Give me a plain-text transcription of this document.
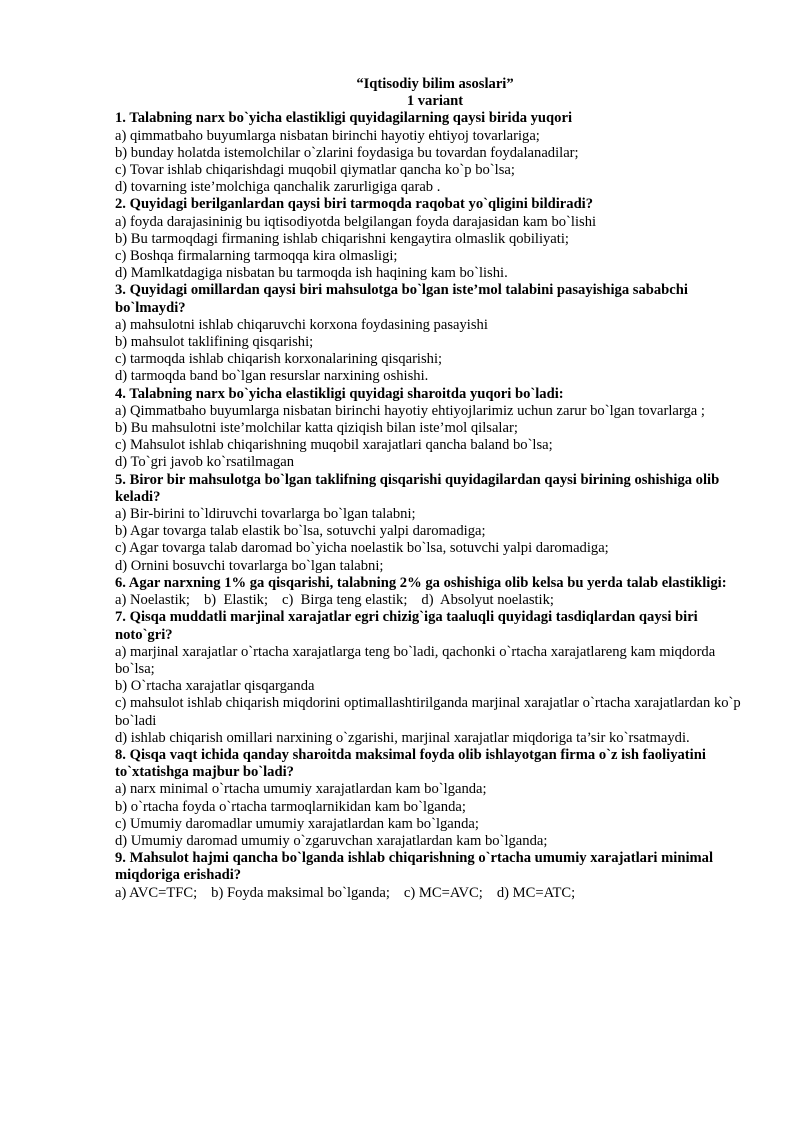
“Iqtisodiy bilim asoslari”

1 variant

1. Talabning narx bo`yicha elastikligi quyidagilarning qaysi birida yuqori

a) qimmatbaho buyumlarga nisbatan birinchi hayotiy ehtiyoj tovarlariga;

b) bunday holatda istemolchilar o`zlarini foydasiga bu tovardan foydalanadilar;

c) Tovar ishlab chiqarishdagi muqobil qiymatlar qancha ko`p bo`lsa;

d) tovarning iste’molchiga qanchalik zarurligiga qarab .

2. Quyidagi berilganlardan qaysi biri tarmoqda raqobat yo`qligini bildiradi?

a) foyda darajasininig bu iqtisodiyotda belgilangan foyda darajasidan kam bo`lishi

b) Bu tarmoqdagi firmaning ishlab chiqarishni kengaytira olmaslik qobiliyati;

c) Boshqa firmalarning tarmoqqa kira olmasligi;

d) Mamlkatdagiga nisbatan bu tarmoqda ish haqining kam bo`lishi.

3. Quyidagi omillardan qaysi biri mahsulotga bo`lgan iste’mol talabini pasayishiga sababchi bo`lmaydi?

a) mahsulotni ishlab chiqaruvchi korxona foydasining pasayishi

b) mahsulot taklifining qisqarishi;

c) tarmoqda ishlab chiqarish korxonalarining qisqarishi;

d) tarmoqda band bo`lgan resurslar narxining oshishi.

4. Talabning narx bo`yicha elastikligi quyidagi sharoitda yuqori bo`ladi:

a) Qimmatbaho buyumlarga nisbatan birinchi hayotiy ehtiyojlarimiz uchun zarur bo`lgan tovarlarga ;

b) Bu mahsulotni iste’molchilar katta qiziqish bilan iste’mol qilsalar;

c) Mahsulot ishlab chiqarishning muqobil xarajatlari qancha baland bo`lsa;

d) To`gri javob ko`rsatilmagan

5. Biror bir mahsulotga bo`lgan taklifning qisqarishi quyidagilardan qaysi birining oshishiga olib keladi?

a) Bir-birini to`ldiruvchi tovarlarga bo`lgan talabni;

b) Agar tovarga talab elastik bo`lsa, sotuvchi yalpi daromadiga;

c) Agar tovarga talab daromad bo`yicha noelastik bo`lsa, sotuvchi yalpi daromadiga;

d) Ornini bosuvchi tovarlarga bo`lgan talabni;

6. Agar narxning 1% ga qisqarishi, talabning 2% ga oshishiga olib kelsa bu yerda talab elastikligi:

a) Noelastik; b)  Elastik; c)  Birga teng elastik; d)  Absolyut noelastik;

7. Qisqa muddatli marjinal xarajatlar egri chizig`iga taaluqli quyidagi tasdiqlardan qaysi biri noto`gri?

a) marjinal xarajatlar o`rtacha xarajatlarga teng bo`ladi, qachonki o`rtacha xarajatlareng kam miqdorda bo`lsa;

b) O`rtacha xarajatlar qisqarganda

c) mahsulot ishlab chiqarish miqdorini optimallashtirilganda marjinal xarajatlar o`rtacha xarajatlardan ko`p bo`ladi

d) ishlab chiqarish omillari narxining o`zgarishi, marjinal xarajatlar miqdoriga ta’sir ko`rsatmaydi.

8. Qisqa vaqt ichida qanday sharoitda maksimal foyda olib ishlayotgan firma o`z ish faoliyatini to`xtatishga majbur bo`ladi?

a) narx minimal o`rtacha umumiy xarajatlardan kam bo`lganda;

b) o`rtacha foyda o`rtacha tarmoqlarnikidan kam bo`lganda;

c) Umumiy daromadlar umumiy xarajatlardan kam bo`lganda;

d) Umumiy daromad umumiy o`zgaruvchan xarajatlardan kam bo`lganda;

9. Mahsulot hajmi qancha bo`lganda ishlab chiqarishning o`rtacha umumiy xarajatlari minimal miqdoriga erishadi?

a) AVC=TFC; b) Foyda maksimal bo`lganda; c) MC=AVC; d) MC=ATC;
